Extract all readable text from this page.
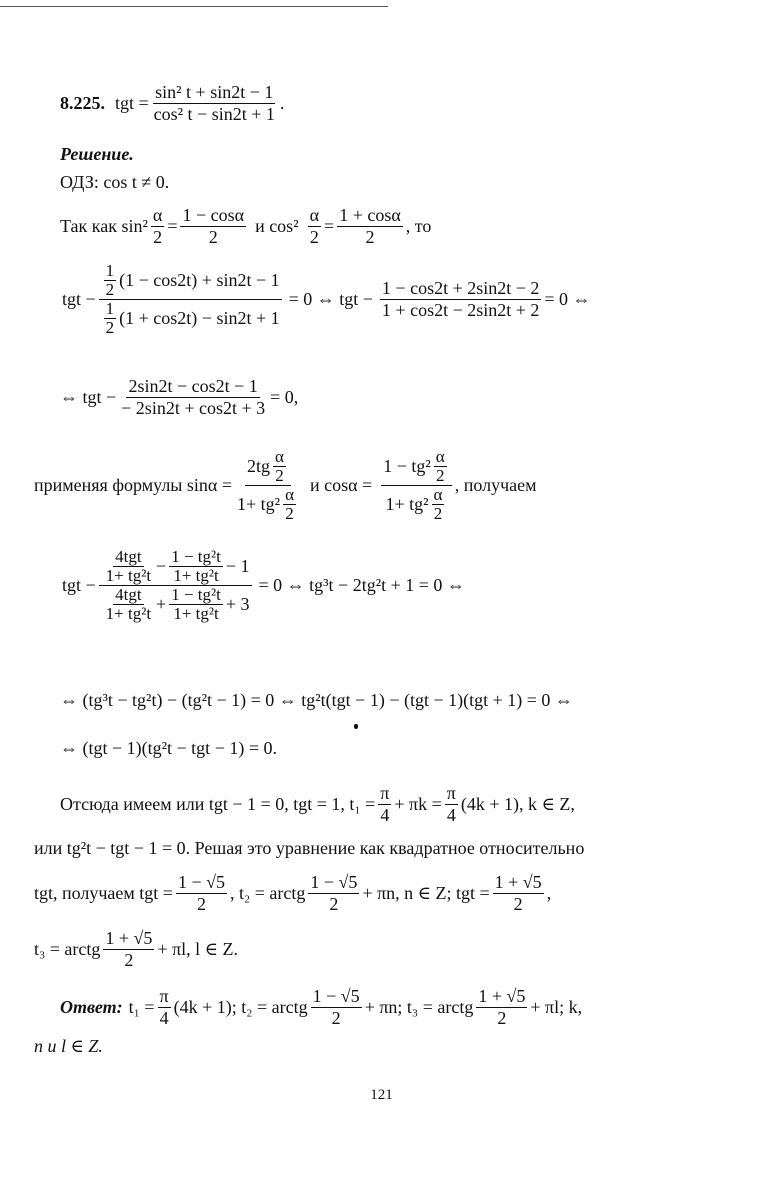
8.225. tgt = $\frac{\text{sin² t + sin2t − 1}}{\text{cos² t − sin2t + 1}}$ .
Решение.
ОДЗ: cos t ≠ 0.
Так как $\sin^2 \frac{\alpha}{2} = \frac{1 - \cos\alpha}{2}$ и $\cos^2 \frac{\alpha}{2} = \frac{1 + \cos\alpha}{2}$ , то
tgt − $\frac{\frac{1}{2} (1 - \cos 2t) + \sin 2t - 1}{\frac{1}{2} (1 + \cos 2t) - \sin 2t + 1} = 0$ ⇔ tgt − $\frac{1 - \cos 2t + 2\sin 2t - 2}{1 + \cos 2t - 2\sin 2t + 2} = 0$ ⇔
⇔ tgt − $\frac{2\sin 2t - \cos 2t - 1}{- 2\sin 2t + \cos 2t + 3} = 0$,
применяя формулы $\sin\alpha = \frac{2tg \frac{\alpha}{2}}{1+ tg^2 \frac{\alpha}{2}}$ и $\cos\alpha = \frac{1 - tg^2 \frac{\alpha}{2}}{1+ tg^2 \frac{\alpha}{2}}$ , получаем
tgt − $\frac{\frac{\text{4tgt}}{\text{1+ tg²t}} - \frac{\text{1 − tg²t}}{\text{1+ tg²t}} - 1}{\frac{\text{4tgt}}{\text{1+ tg²t}} + \frac{\text{1 − tg²t}}{\text{1+ tg²t}} + 3} = 0$ ⇔ tg³t − 2tg²t + 1 = 0 ⇔
⇔ (tg³t − tg²t) − (tg²t − 1) = 0 ⇔ tg²t(tgt − 1) − (tgt − 1)(tgt + 1) = 0 ⇔
⇔ (tgt − 1)(tg²t − tgt − 1) = 0.
Отсюда имеем или tgt − 1 = 0, tgt = 1, $t_1 = \frac{\pi}{4} + \pi k = \frac{\pi}{4} (4k + 1)$, k ∈ Z,
или tg²t − tgt − 1 = 0. Решая это уравнение как квадратное относительно
tgt, получаем tgt = $\frac{1 - √5}{2}$ , t₂ = arctg $\frac{1 - √5}{2} + \pi n$, n ∈ Z; tgt = $\frac{1 + √5}{2}$ ,
t₃ = arctg $\frac{1 + √5}{2} + \pi l$, l ∈ Z.
Ответ: $t_1 = \frac{\pi}{4} (4k + 1)$; t₂ = arctg $\frac{1 - √5}{2} + \pi n$; t₃ = arctg $\frac{1 + √5}{2} + \pi l$; k,
n и l ∈ Z.
121
